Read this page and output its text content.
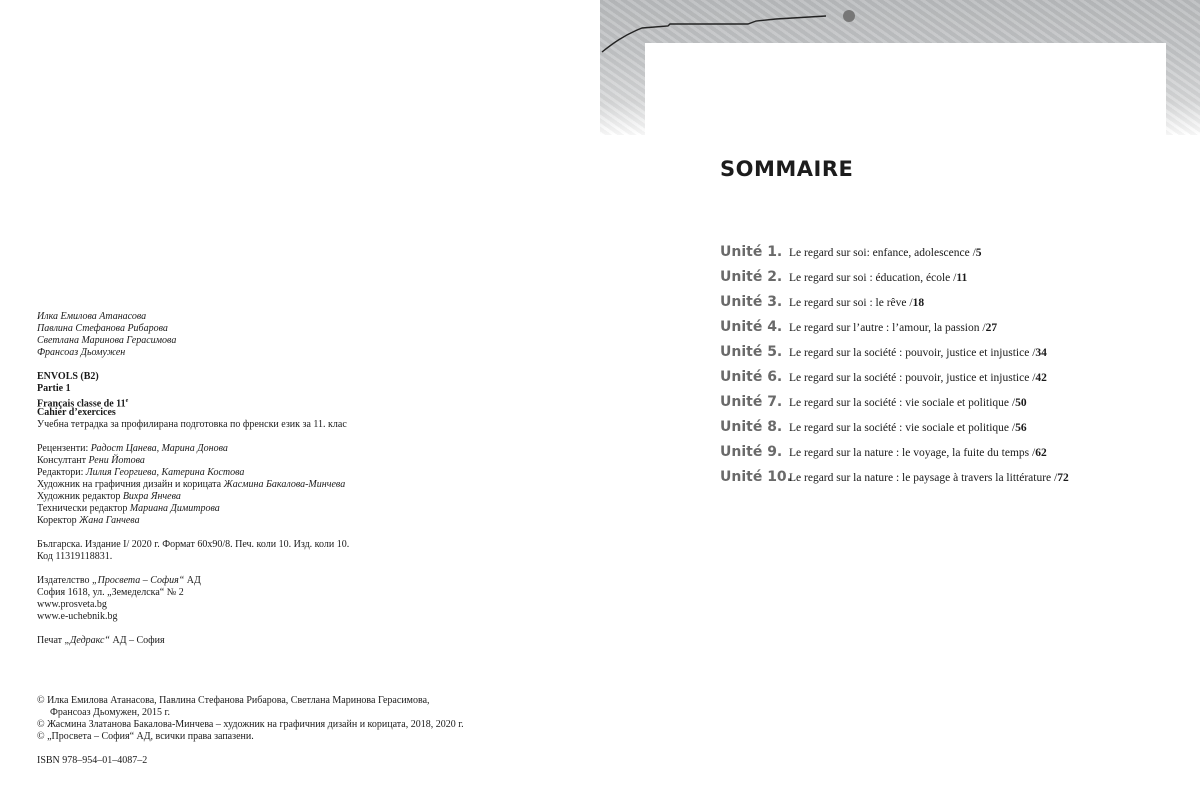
Илка Емилова Атанасова
Павлина Стефанова Рибарова
Светлана Маринова Герасимова
Франсоаз Дьомужен
ENVOLS (B2)
Partie 1
Français classe de 11e
Cahier d’exercices
Учебна тетрадка за профилирана подготовка по френски език за 11. клас
Рецензенти: Радост Цанева, Марина Донова
Консултант Рени Йотова
Редактори: Лилия Георгиева, Катерина Костова
Художник на графичния дизайн и корицата Жасмина Бакалова-Минчева
Художник редактор Вихра Янчева
Технически редактор Мариана Димитрова
Коректор Жана Ганчева
Българска. Издание I/ 2020 г. Формат 60х90/8. Печ. коли 10. Изд. коли 10.
Код 11319118831.
Издателство „Просвета – София“ АД
София 1618, ул. „Земеделска“ № 2
www.prosveta.bg
www.e-uchebnik.bg
Печат „Дедракс“ АД – София
© Илка Емилова Атанасова, Павлина Стефанова Рибарова, Светлана Маринова Герасимова,
Франсоаз Дьомужен, 2015 г.
© Жасмина Златанова Бакалова-Минчева – художник на графичния дизайн и корицата, 2018, 2020 г.
© „Просвета – София“ АД, всички права запазени.
ISBN 978–954–01–4087–2
SOMMAIRE
Unité 1. Le regard sur soi: enfance, adolescence / 5
Unité 2. Le regard sur soi : éducation, école / 11
Unité 3. Le regard sur soi : le rêve / 18
Unité 4. Le regard sur l’autre : l’amour, la passion / 27
Unité 5. Le regard sur la société : pouvoir, justice et injustice / 34
Unité 6. Le regard sur la société : pouvoir, justice et injustice / 42
Unité 7. Le regard sur la société : vie sociale et politique / 50
Unité 8. Le regard sur la société : vie sociale et politique / 56
Unité 9. Le regard sur la nature : le voyage, la fuite du temps / 62
Unité 10.
Le regard sur la nature : le paysage à travers la littérature / 72
